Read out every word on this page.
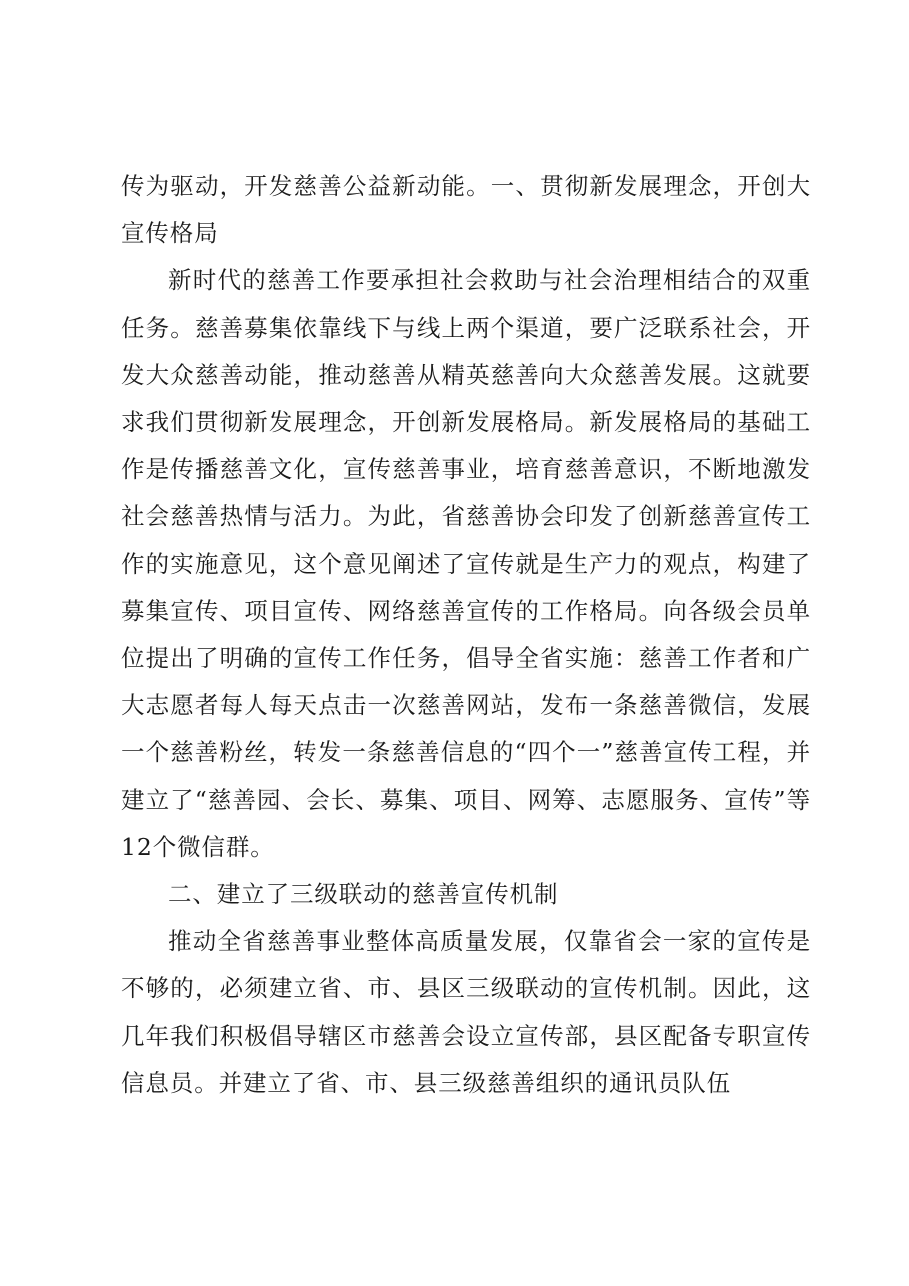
传为驱动，开发慈善公益新动能。一、贯彻新发展理念，开创大宣传格局

新时代的慈善工作要承担社会救助与社会治理相结合的双重任务。慈善募集依靠线下与线上两个渠道，要广泛联系社会，开发大众慈善动能，推动慈善从精英慈善向大众慈善发展。这就要求我们贯彻新发展理念，开创新发展格局。新发展格局的基础工作是传播慈善文化，宣传慈善事业，培育慈善意识，不断地激发社会慈善热情与活力。为此，省慈善协会印发了创新慈善宣传工作的实施意见，这个意见阐述了宣传就是生产力的观点，构建了募集宣传、项目宣传、网络慈善宣传的工作格局。向各级会员单位提出了明确的宣传工作任务，倡导全省实施：慈善工作者和广大志愿者每人每天点击一次慈善网站，发布一条慈善微信，发展一个慈善粉丝，转发一条慈善信息的“四个一”慈善宣传工程，并建立了“慈善园、会长、募集、项目、网筹、志愿服务、宣传”等12个微信群。

二、建立了三级联动的慈善宣传机制

推动全省慈善事业整体高质量发展，仅靠省会一家的宣传是不够的，必须建立省、市、县区三级联动的宣传机制。因此，这几年我们积极倡导辖区市慈善会设立宣传部，县区配备专职宣传信息员。并建立了省、市、县三级慈善组织的通讯员队伍
